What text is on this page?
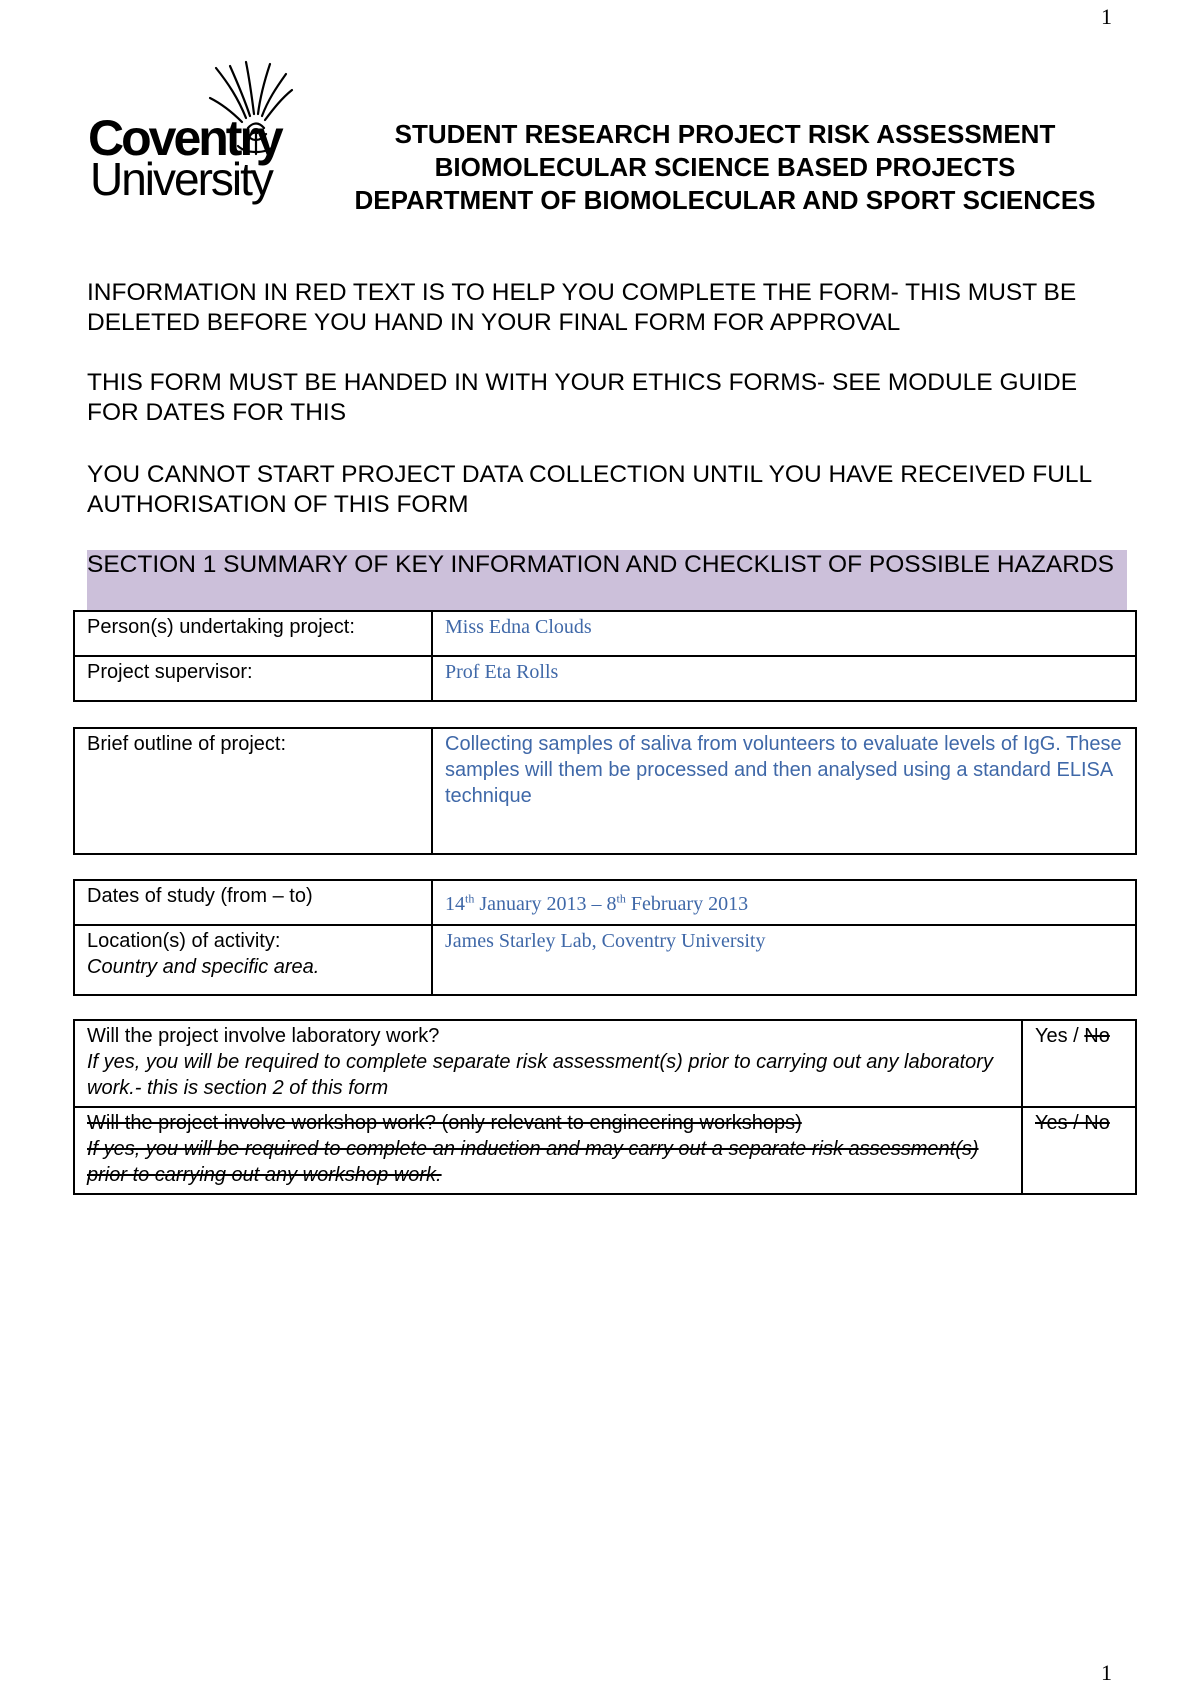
1
Coventry
University
STUDENT RESEARCH PROJECT RISK ASSESSMENT
BIOMOLECULAR SCIENCE BASED PROJECTS
DEPARTMENT OF BIOMOLECULAR AND SPORT SCIENCES
INFORMATION IN RED TEXT IS TO HELP YOU COMPLETE THE FORM- THIS MUST BE DELETED BEFORE YOU HAND IN YOUR FINAL FORM FOR APPROVAL
THIS FORM MUST BE HANDED IN WITH YOUR ETHICS FORMS- SEE MODULE GUIDE FOR DATES FOR THIS
YOU CANNOT START PROJECT DATA COLLECTION UNTIL YOU HAVE RECEIVED FULL AUTHORISATION OF THIS FORM
SECTION 1 SUMMARY OF KEY INFORMATION AND CHECKLIST OF POSSIBLE HAZARDS
Person(s) undertaking project:	Miss Edna Clouds
Project supervisor:	Prof Eta Rolls
Brief outline of project:	Collecting samples of saliva from volunteers to evaluate levels of IgG. These samples will them be processed and then analysed using a standard ELISA technique
Dates of study (from – to)	14th January 2013 – 8th February 2013

Location(s) of activity:
Country and specific area.	James Starley Lab, Coventry University
Will the project involve laboratory work?
If yes, you will be required to complete separate risk assessment(s) prior to carrying out any laboratory work.- this is section 2 of this form	Yes / No

Will the project involve workshop work? (only relevant to engineering workshops)
If yes, you will be required to complete an induction and may carry out a separate risk assessment(s) prior to carrying out any workshop work.	Yes / No
1
